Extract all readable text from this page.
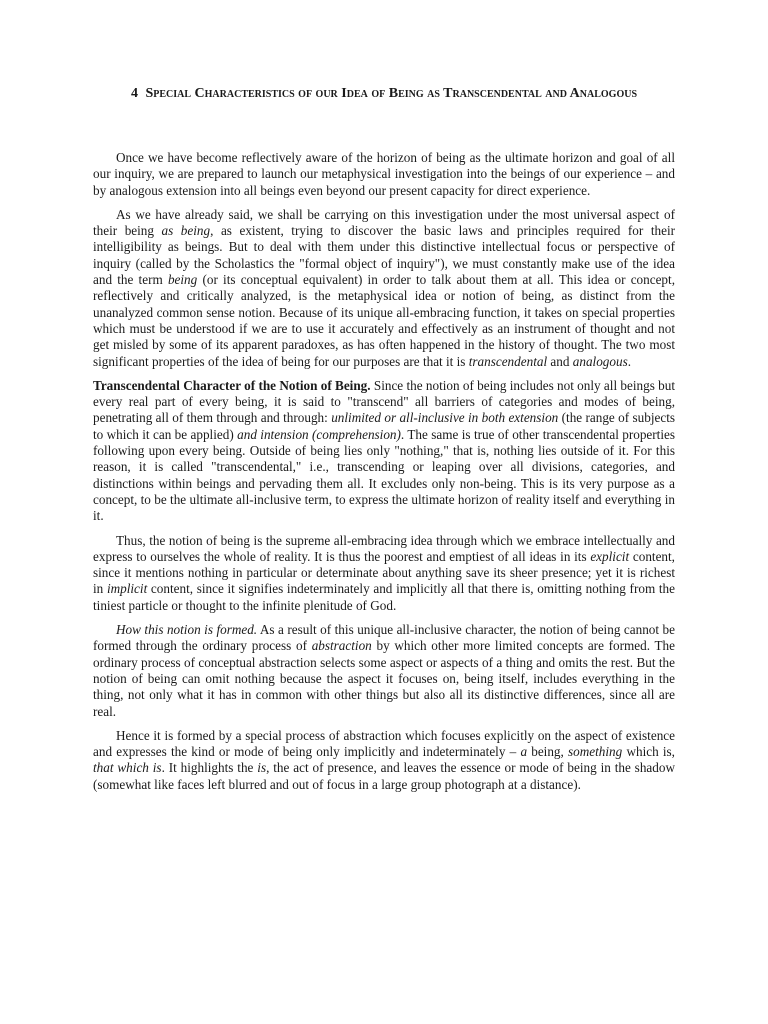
4 Special Characteristics of our Idea of Being as Transcendental and Analogous

Once we have become reflectively aware of the horizon of being as the ultimate horizon and goal of all our inquiry, we are prepared to launch our metaphysical investigation into the beings of our experience – and by analogous extension into all beings even beyond our present capacity for direct experience.

As we have already said, we shall be carrying on this investigation under the most universal aspect of their being as being, as existent, trying to discover the basic laws and principles required for their intelligibility as beings. But to deal with them under this distinctive intellectual focus or perspective of inquiry (called by the Scholastics the "formal object of inquiry"), we must constantly make use of the idea and the term being (or its conceptual equivalent) in order to talk about them at all. This idea or concept, reflectively and critically analyzed, is the metaphysical idea or notion of being, as distinct from the unanalyzed common sense notion. Because of its unique all-embracing function, it takes on special properties which must be understood if we are to use it accurately and effectively as an instrument of thought and not get misled by some of its apparent paradoxes, as has often happened in the history of thought. The two most significant properties of the idea of being for our purposes are that it is transcendental and analogous.

Transcendental Character of the Notion of Being. Since the notion of being includes not only all beings but every real part of every being, it is said to "transcend" all barriers of categories and modes of being, penetrating all of them through and through: unlimited or all-inclusive in both extension (the range of subjects to which it can be applied) and intension (comprehension). The same is true of other transcendental properties following upon every being. Outside of being lies only "nothing," that is, nothing lies outside of it. For this reason, it is called "transcendental," i.e., transcending or leaping over all divisions, categories, and distinctions within beings and pervading them all. It excludes only non-being. This is its very purpose as a concept, to be the ultimate all-inclusive term, to express the ultimate horizon of reality itself and everything in it.

Thus, the notion of being is the supreme all-embracing idea through which we embrace intellectually and express to ourselves the whole of reality. It is thus the poorest and emptiest of all ideas in its explicit content, since it mentions nothing in particular or determinate about anything save its sheer presence; yet it is richest in implicit content, since it signifies indeterminately and implicitly all that there is, omitting nothing from the tiniest particle or thought to the infinite plenitude of God.

How this notion is formed. As a result of this unique all-inclusive character, the notion of being cannot be formed through the ordinary process of abstraction by which other more limited concepts are formed. The ordinary process of conceptual abstraction selects some aspect or aspects of a thing and omits the rest. But the notion of being can omit nothing because the aspect it focuses on, being itself, includes everything in the thing, not only what it has in common with other things but also all its distinctive differences, since all are real.

Hence it is formed by a special process of abstraction which focuses explicitly on the aspect of existence and expresses the kind or mode of being only implicitly and indeterminately – a being, something which is, that which is. It highlights the is, the act of presence, and leaves the essence or mode of being in the shadow (somewhat like faces left blurred and out of focus in a large group photograph at a distance).
